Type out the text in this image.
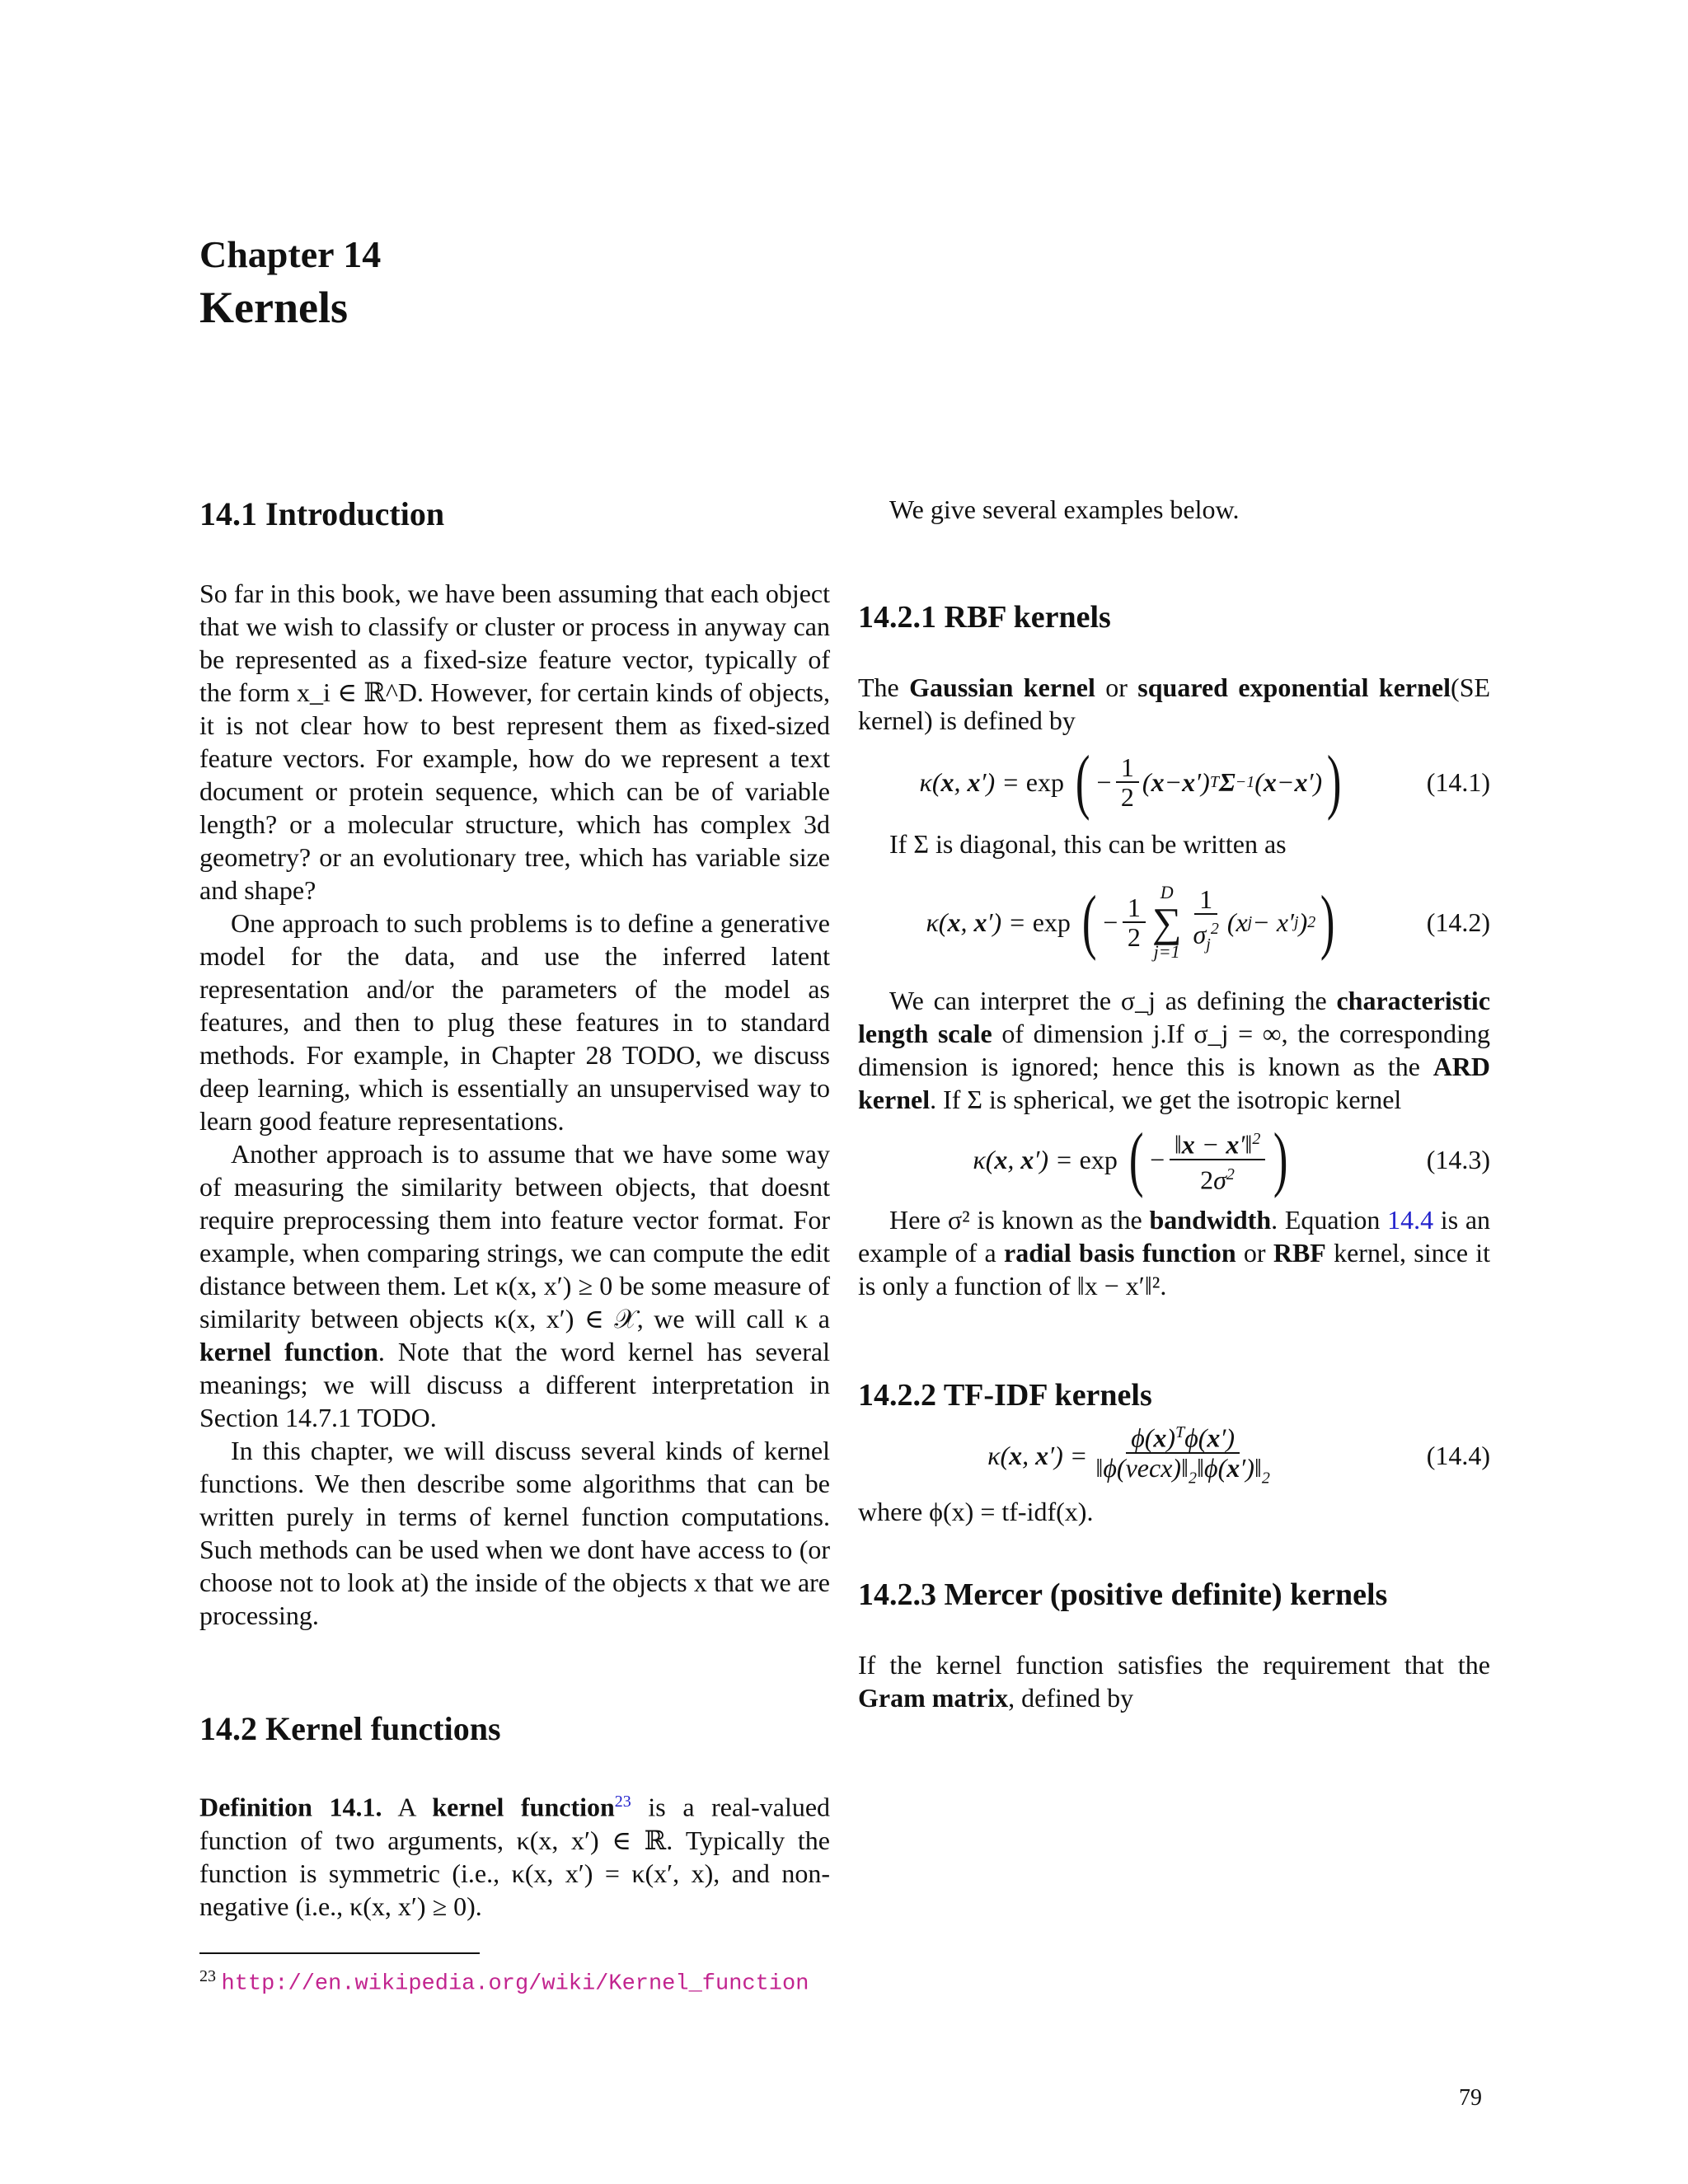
Chapter 14
Kernels
14.1 Introduction

So far in this book, we have been assuming that each object that we wish to classify or cluster or process in anyway can be represented as a fixed-size feature vector, typically of the form x_i ∈ ℝ^D. However, for certain kinds of objects, it is not clear how to best represent them as fixed-sized feature vectors. For example, how do we represent a text document or protein sequence, which can be of variable length? or a molecular structure, which has complex 3d geometry? or an evolutionary tree, which has variable size and shape?

One approach to such problems is to define a generative model for the data, and use the inferred latent representation and/or the parameters of the model as features, and then to plug these features in to standard methods. For example, in Chapter 28 TODO, we discuss deep learning, which is essentially an unsupervised way to learn good feature representations.

Another approach is to assume that we have some way of measuring the similarity between objects, that doesnt require preprocessing them into feature vector format. For example, when comparing strings, we can compute the edit distance between them. Let κ(x, x′) ≥ 0 be some measure of similarity between objects κ(x, x′) ∈ 𝒳, we will call κ a kernel function. Note that the word kernel has several meanings; we will discuss a different interpretation in Section 14.7.1 TODO.

In this chapter, we will discuss several kinds of kernel functions. We then describe some algorithms that can be written purely in terms of kernel function computations. Such methods can be used when we dont have access to (or choose not to look at) the inside of the objects x that we are processing.

14.2 Kernel functions

Definition 14.1. A kernel function$^{23}$ is a real-valued function of two arguments, κ(x, x′) ∈ ℝ. Typically the function is symmetric (i.e., κ(x, x′) = κ(x′, x), and non-negative (i.e., κ(x, x′) ≥ 0).

$^{23}$ http://en.wikipedia.org/wiki/Kernel_function

We give several examples below.

14.2.1 RBF kernels

The Gaussian kernel or squared exponential kernel(SE kernel) is defined by

κ( x , x ′) = exp ( − $\frac{1}{2}$ ( x − x ′) T Σ −1 ( x − x ′) )	(14.1)

If Σ is diagonal, this can be written as

κ( x , x ′) = exp ( − $\frac{1}{2}$
D
∑
$j=1 \frac{1}{\sigma_j^2} (x$ j − x′ j ) 2 )	(14.2)

We can interpret the σ_j as defining the characteristic length scale of dimension j.If σ_j = ∞, the corresponding dimension is ignored; hence this is known as the ARD kernel. If Σ is spherical, we get the isotropic kernel

κ( x , x ′) = exp ( − $\frac{‖x - x'‖^2}{2\sigma^2}$ )	(14.3)

Here σ² is known as the bandwidth. Equation 14.4 is an example of a radial basis function or RBF kernel, since it is only a function of ‖x − x′‖².

14.2.2 TF-IDF kernels
κ( x , x ′) = $\frac{\phi(x)^T\phi(x')}{‖\phi(vecx)‖_2‖\phi(x')‖_2}$	(14.4)

where ϕ(x) = tf-idf(x).

14.2.3 Mercer (positive definite) kernels

If the kernel function satisfies the requirement that the Gram matrix, defined by

79
